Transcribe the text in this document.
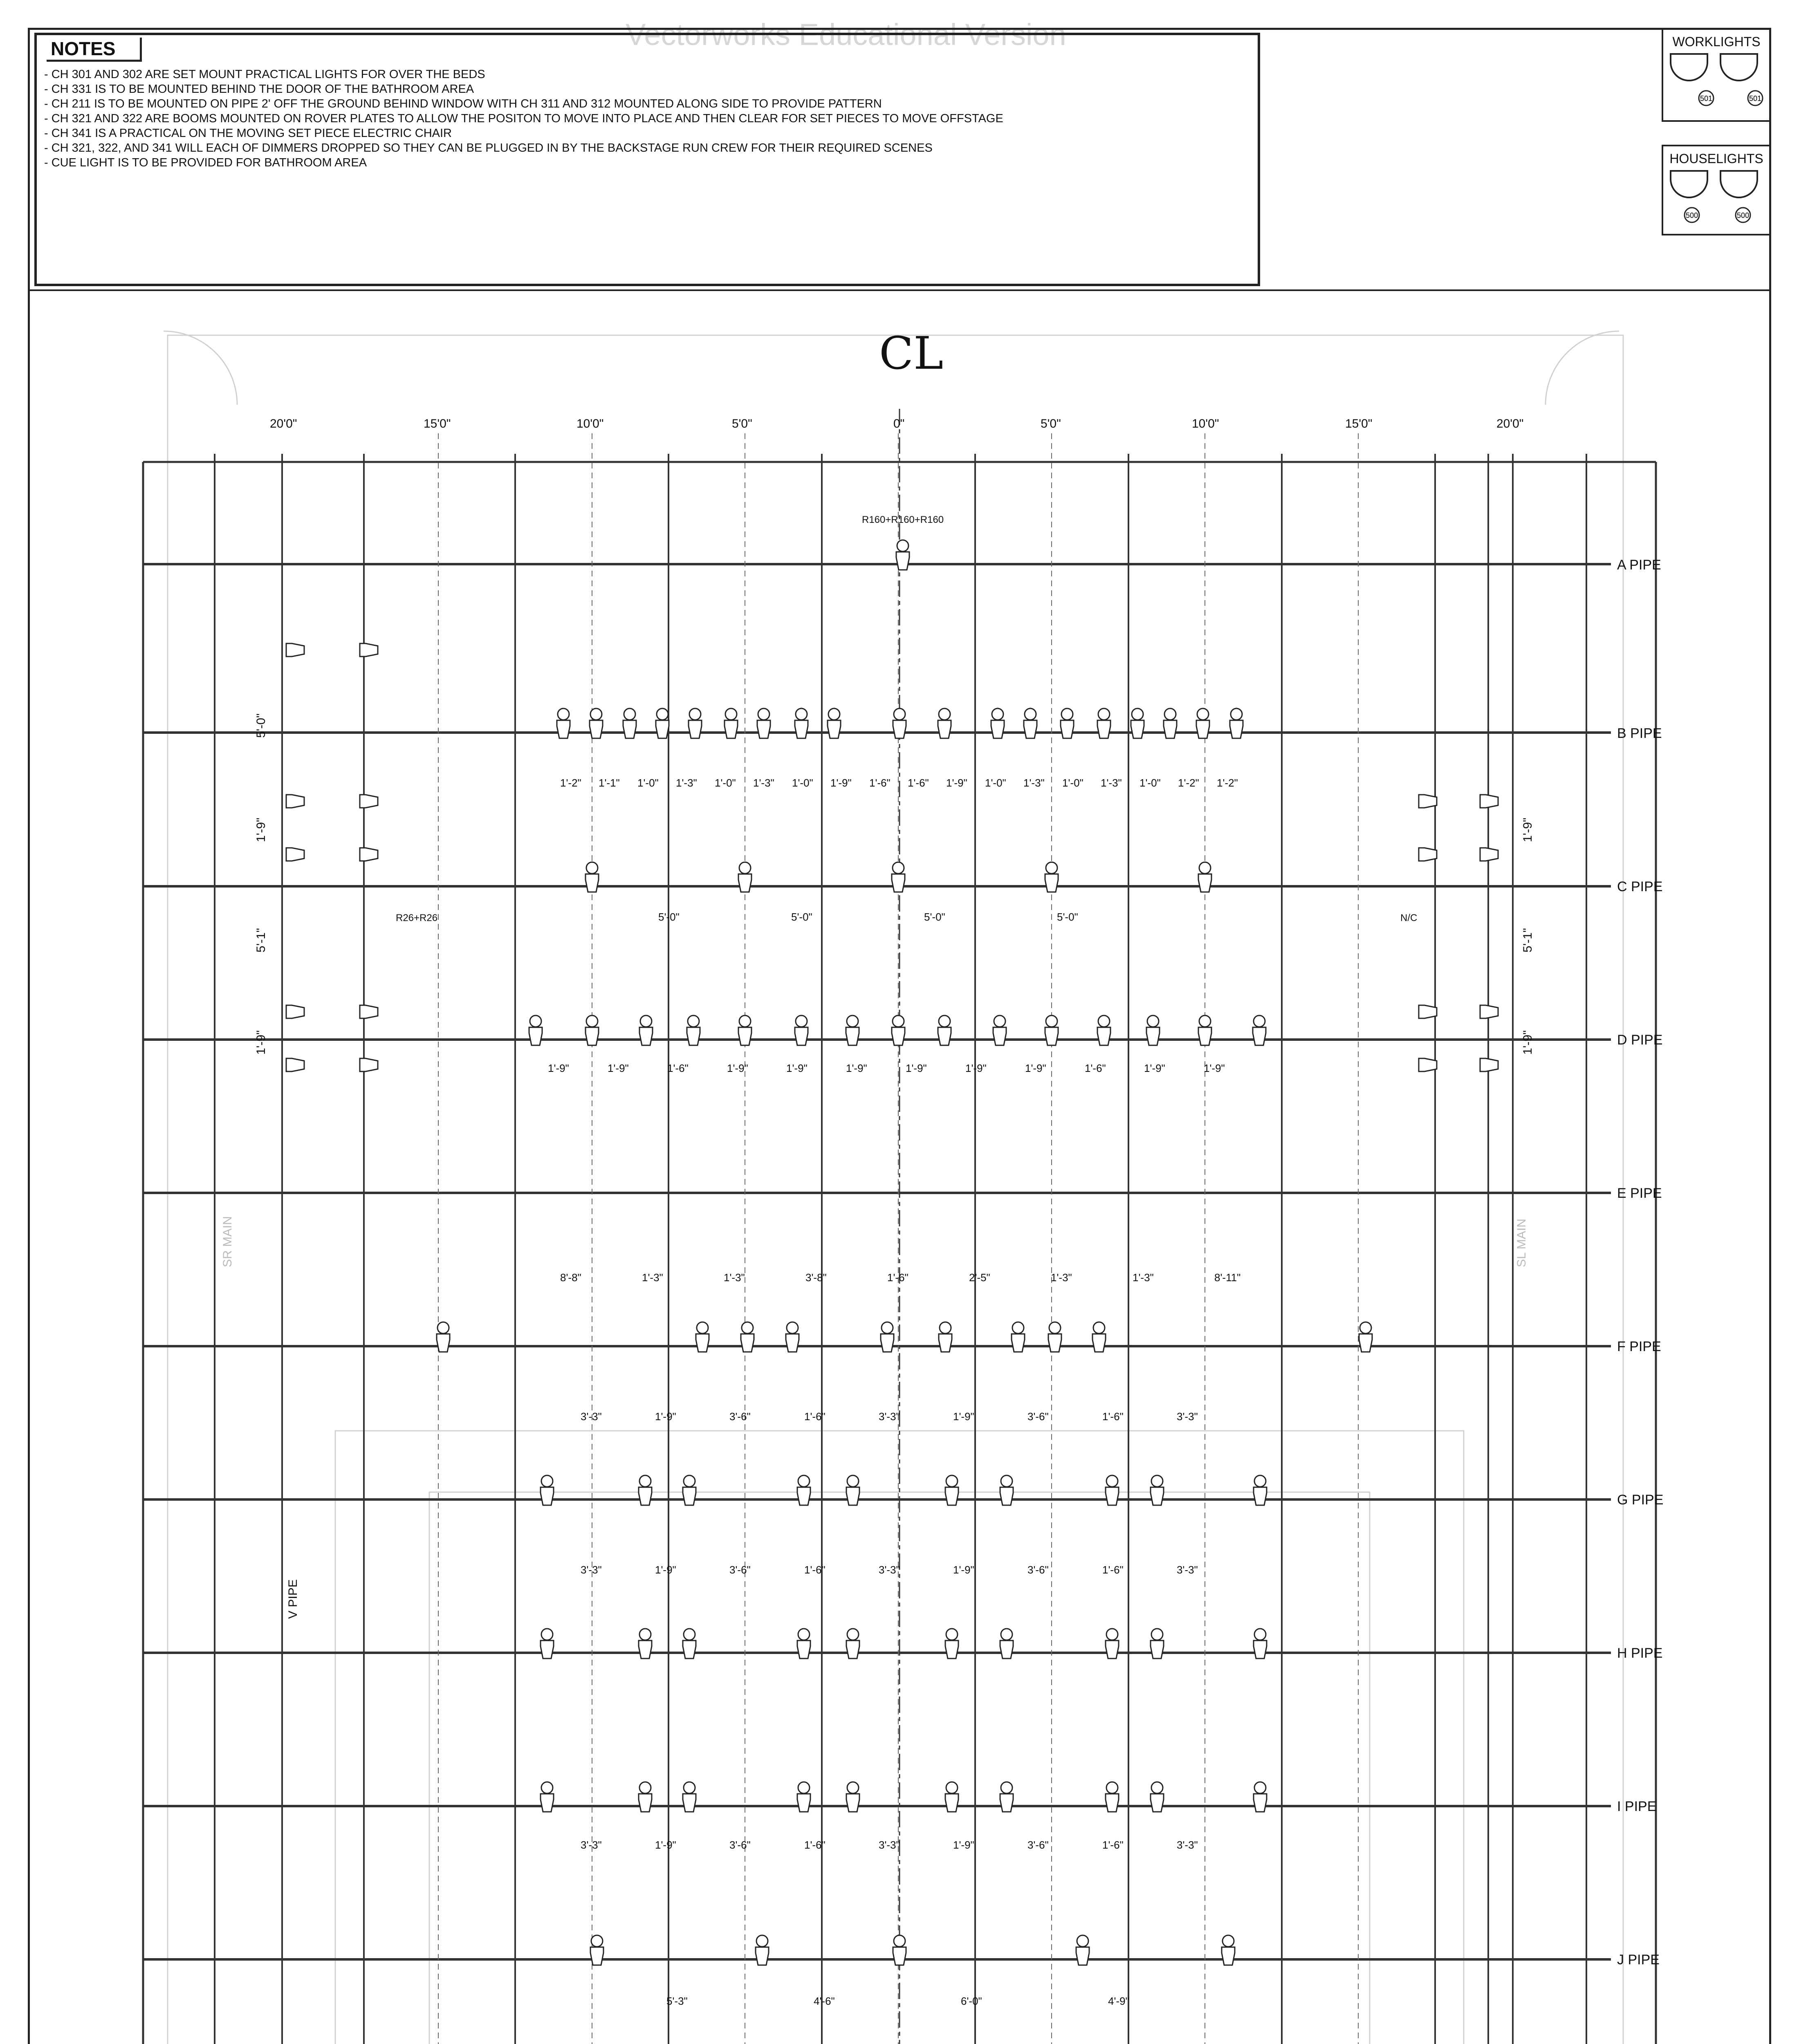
Vectorworks Educational Version
NOTES
- CH 301 AND 302 ARE SET MOUNT PRACTICAL LIGHTS FOR OVER THE BEDS
- CH 331 IS TO BE MOUNTED BEHIND THE DOOR OF THE BATHROOM AREA
- CH 211 IS TO BE MOUNTED ON PIPE 2' OFF THE GROUND BEHIND WINDOW WITH CH 311 AND 312 MOUNTED ALONG SIDE TO PROVIDE PATTERN
- CH 321 AND 322 ARE BOOMS MOUNTED ON ROVER PLATES TO ALLOW THE POSITON TO MOVE INTO PLACE AND THEN CLEAR FOR SET PIECES TO MOVE OFFSTAGE
- CH 341 IS A PRACTICAL ON THE MOVING SET PIECE ELECTRIC CHAIR
- CH 321, 322, AND 341 WILL EACH OF DIMMERS DROPPED SO THEY CAN BE PLUGGED IN BY THE BACKSTAGE RUN CREW FOR THEIR REQUIRED SCENES
- CUE LIGHT IS TO BE PROVIDED FOR BATHROOM AREA
WORKLIGHTS
501	501
HOUSELIGHTS
500	500
CL
20'0"	15'0"	10'0"	5'0"	0"	5'0"	10'0"	15'0"	20'0"
A PIPE
B PIPE
C PIPE
D PIPE
E PIPE
F PIPE
G PIPE
H PIPE
I PIPE
J PIPE
V PIPE
SR MAIN	SL MAIN
R160+R160+R160
5'-0"
1'-9"
5'-1"
1'-9"
1'-9"
5'-1"
1'-9"
R26+R26	N/C
1'-2" 1'-1" 1'-0" 1'-3" 1'-0" 1'-3" 1'-0" 1'-9" 1'-6" 1'-6" 1'-9" 1'-0" 1'-3" 1'-0" 1'-3" 1'-0" 1'-2" 1'-2"
5'-0"	5'-0"	5'-0"	5'-0"
1'-9"	1'-9"	1'-6"	1'-9"	1'-9"	1'-9"	1'-9"	1'-9"	1'-9"	1'-6"	1'-9"	1'-9"
8'-8"	1'-3"	1'-3"	3'-8"	1'-6"	2'-5"	1'-3"	1'-3"	8'-11"
3'-3"	1'-9"	3'-6"	1'-6"	3'-3"	1'-9"	3'-6"	1'-6"	3'-3"
3'-3"	1'-9"	3'-6"	1'-6"	3'-3"	1'-9"	3'-6"	1'-6"	3'-3"
3'-3"	1'-9"	3'-6"	1'-6"	3'-3"	1'-9"	3'-6"	1'-6"	3'-3"
5'-3"	4'-6"	6'-0"	4'-9"
